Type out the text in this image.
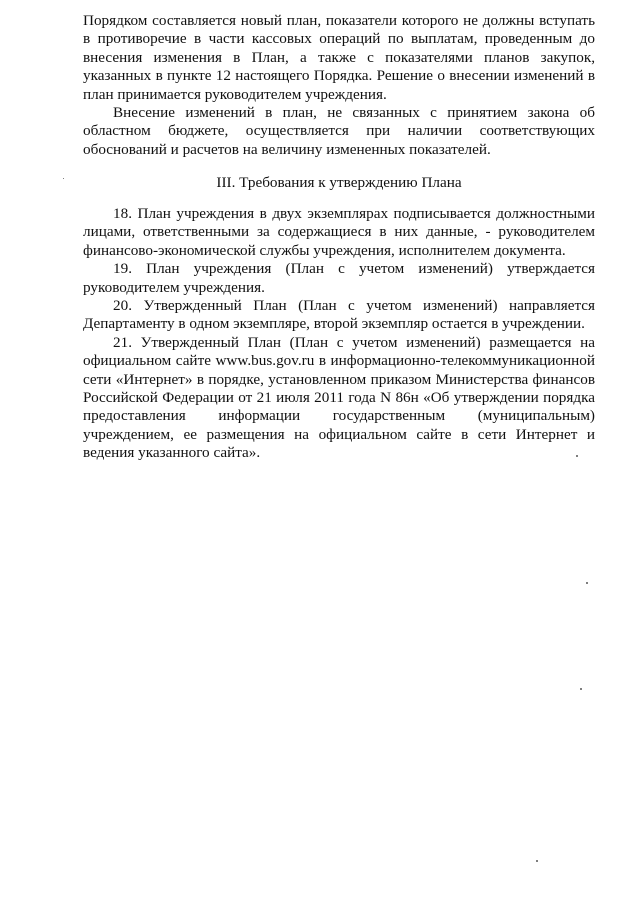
Порядком составляется новый план, показатели которого не должны вступать в противоречие в части кассовых операций по выплатам, проведенным до внесения изменения в План, а также с показателями планов закупок, указанных в пункте 12 настоящего Порядка. Решение о внесении изменений в план принимается руководителем учреждения.

Внесение изменений в план, не связанных с принятием закона об областном бюджете, осуществляется при наличии соответствующих обоснований и расчетов на величину измененных показателей.

III. Требования к утверждению Плана

18. План учреждения в двух экземплярах подписывается должностными лицами, ответственными за содержащиеся в них данные, - руководителем финансово-экономической службы учреждения, исполнителем документа.

19. План учреждения (План с учетом изменений) утверждается руководителем учреждения.

20. Утвержденный План (План с учетом изменений) направляется Департаменту в одном экземпляре, второй экземпляр остается в учреждении.

21. Утвержденный План (План с учетом изменений) размещается на официальном сайте www.bus.gov.ru в информационно-телекоммуникационной сети «Интернет» в порядке, установленном приказом Министерства финансов Российской Федерации от 21 июля 2011 года N 86н «Об утверждении порядка предоставления информации государственным (муниципальным) учреждением, ее размещения на официальном сайте в сети Интернет и ведения указанного сайта».
